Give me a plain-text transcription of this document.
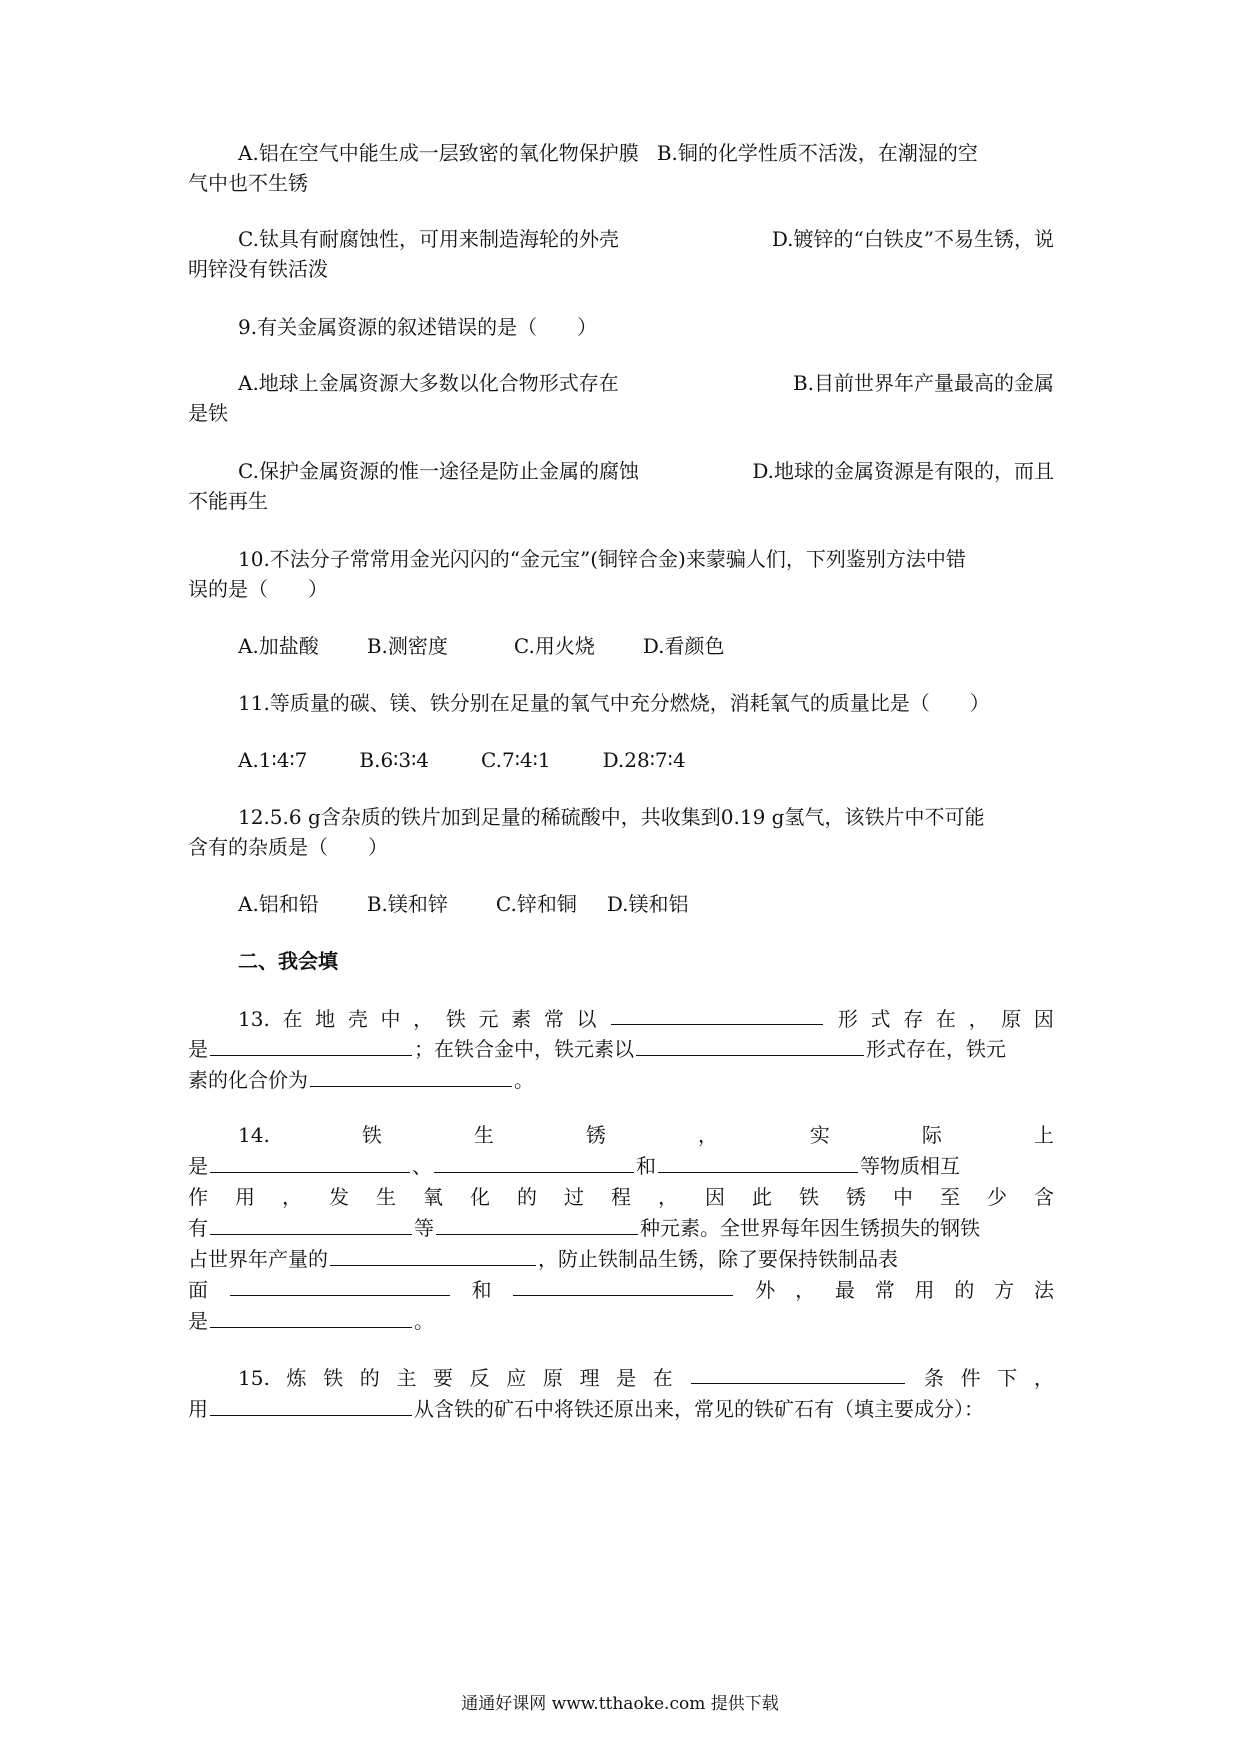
A.铝在空气中能生成一层致密的氧化物保护膜 B.铜的化学性质不活泼，在潮湿的空
气中也不生锈
C.钛具有耐腐蚀性，可用来制造海轮的外壳	D.镀锌的“白铁皮”不易生锈，说
明锌没有铁活泼
9.有关金属资源的叙述错误的是（　　）
A.地球上金属资源大多数以化合物形式存在	B.目前世界年产量最高的金属
是铁
C.保护金属资源的惟一途径是防止金属的腐蚀	D.地球的金属资源是有限的，而且
不能再生
10.不法分子常常用金光闪闪的“金元宝”(铜锌合金)来蒙骗人们，下列鉴别方法中错
误的是（　　）
A.加盐酸 B.测密度	C.用火烧 D.看颜色
11.等质量的碳、镁、铁分别在足量的氧气中充分燃烧，消耗氧气的质量比是（　　）
A.1∶4∶7	B.6∶3∶4	C.7∶4∶1	D.28∶7∶4
12.5.6 g含杂质的铁片加到足量的稀硫酸中，共收集到0.19 g氢气，该铁片中不可能
含有的杂质是（　　）
A.铝和铅 B.镁和锌 C.锌和铜 D.镁和铝
二、我会填
13. 在 地 壳 中 ， 铁 元 素 常 以	形 式 存 在 ， 原 因
是	；在铁合金中，铁元素以	形式存在，铁元
素的化合价为	。
14.	铁	生	锈	，	实	际	上
是	、	和	等物质相互
作 用 ， 发 生 氧 化 的 过 程 ， 因 此 铁 锈 中 至 少 含
有	等	种元素。全世界每年因生锈损失的钢铁
占世界年产量的	，防止铁制品生锈，除了要保持铁制品表
面	和	外 ， 最 常 用 的 方 法
是	。
15. 炼 铁 的 主 要 反 应 原 理 是 在	条 件 下 ，
用	从含铁的矿石中将铁还原出来，常见的铁矿石有（填主要成分）：
通通好课网 www.tthaoke.com 提供下载
